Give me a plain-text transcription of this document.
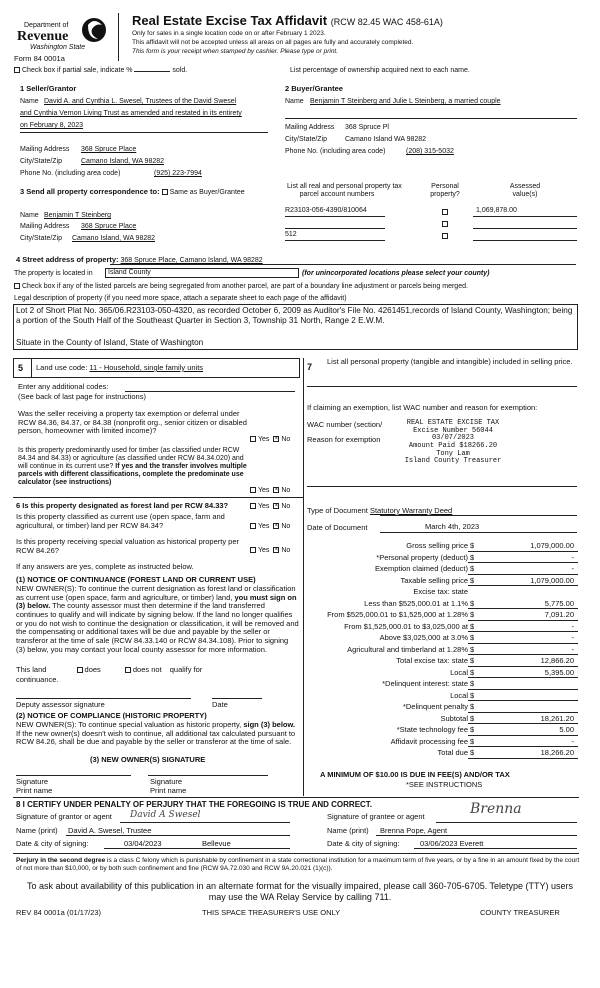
Department of
Revenue
Washington State
Form 84 0001a
Real Estate Excise Tax Affidavit (RCW 82.45 WAC 458-61A)
Only for sales in a single location code on or after February 1 2023.
This affidavit will not be accepted unless all areas on all pages are fully and accurately completed.
This form is your receipt when stamped by cashier. Please type or print.
Check box if partial sale, indicate %	sold.	List percentage of ownership acquired next to each name.
1 Seller/Grantor
Name David A. and Cynthia L. Swesel, Trustees of the David Swesel
and Cynthia Vernon Living Trust as amended and restated in its entirety
on February 8, 2023
Mailing Address 368 Spruce Place
City/State/Zip	Camano Island, WA 98282
Phone No. (including area code)	(925) 223-7994
2 Buyer/Grantee
Name Benjamin T Steinberg and Julie L Steinberg, a married couple
Mailing Address 368 Spruce Pl
City/State/Zip	Camano Island WA 98282
Phone No. (including area code)	(208) 315-5032
3 Send all property correspondence to: Same as Buyer/Grantee
Name Benjamin T Steinberg
Mailing Address 368 Spruce Place
City/State/Zip Camano Island, WA 98282
List all real and personal property tax
parcel account numbers
Personal
property?
Assessed
value(s)
R23103-056-4390/810064	1,069,878.00
512
4 Street address of property: 368 Spruce Place, Camano Island, WA 98282
The property is located in Island County	(for unincorporated locations please select your county)
Check box if any of the listed parcels are being segregated from another parcel, are part of a boundary line adjustment or parcels being merged.
Legal description of property (if you need more space, attach a separate sheet to each page of the affidavit)
Lot 2 of Short Plat No. 365/06.R23103-050-4320, as recorded October 6, 2009 as Auditor's File No. 4261451,records of Island County, Washington; being a portion of the South Half of the Southeast Quarter in Section 3, Township 31 North, Range 2 E.W.M.
Situate in the County of Island, State of Washington
5 Land use code: 11 - Household, single family units
Enter any additional codes:
(See back of last page for instructions)
Was the seller receiving a property tax exemption or deferral under RCW 84.36, 84.37, or 84.38 (nonprofit org., senior citizen or disabled person, homeowner with limited income)?
Yes × No
Is this property predominantly used for timber (as classified under RCW 84.34 and 84.33) or agriculture (as classified under RCW 84.34.020) and will continue in its current use? If yes and the transfer involves multiple parcels with different classifications, complete the predominate use calculator (see instructions)
Yes × No
6 Is this property designated as forest land per RCW 84.33?	Yes × No
Is this property classified as current use (open space, farm and agricultural, or timber) land per RCW 84.34?	Yes × No
Is this property receiving special valuation as historical property per RCW 84.26?	Yes × No
If any answers are yes, complete as instructed below.
(1) NOTICE OF CONTINUANCE (FOREST LAND OR CURRENT USE)
NEW OWNER(S): To continue the current designation as forest land or classification as current use (open space, farm and agriculture, or timber) land, you must sign on (3) below. The county assessor must then determine if the land transferred continues to qualify and will indicate by signing below. If the land no longer qualifies or you do not wish to continue the designation or classification, it will be removed and the compensating or additional taxes will be due and payable by the seller or transferor at the time of sale (RCW 84.33.140 or RCW 84.34.108). Prior to signing (3) below, you may contact your local county assessor for more information.
This land	does	does not qualify for
continuance.
Deputy assessor signature	Date
(2) NOTICE OF COMPLIANCE (HISTORIC PROPERTY)
NEW OWNER(S): To continue special valuation as historic property, sign (3) below. If the new owner(s) doesn't wish to continue, all additional tax calculated pursuant to RCW 84.26, shall be due and payable by the seller or transferor at the time of sale.
(3) NEW OWNER(S) SIGNATURE
Signature
Print name
Signature
Print name
7
List all personal property (tangible and intangible) included in selling price.
If claiming an exemption, list WAC number and reason for exemption:
WAC number (section/
Reason for exemption
REAL ESTATE EXCISE TAX
Excise Number 56044
03/07/2023
Amount Paid $18266.20
Tony Lam
Island County Treasurer
Type of Document Statutory Warranty Deed
Date of Document	March 4th, 2023
Gross selling price $	1,079,000.00
*Personal property (deduct) $	-
Exemption claimed (deduct) $	-
Taxable selling price $	1,079,000.00
Excise tax: state
Less than $525,000.01 at 1.1% $	5,775.00
From $525,000.01 to $1,525,000 at 1.28% $	7,091.20
From $1,525,000.01 to $3,025,000 at $	-
Above $3,025,000 at 3.0% $	-
Agricultural and timberland at 1.28% $	-
Total excise tax: state $	12,866.20
Local $	5,395.00
*Delinquent interest: state $
Local $
*Delinquent penalty $
Subtotal $	18,261.20
*State technology fee $	5.00
Affidavit processing fee $	-
Total due $	18,266.20
A MINIMUM OF $10.00 IS DUE IN FEE(S) AND/OR TAX
*SEE INSTRUCTIONS
8 I CERTIFY UNDER PENALTY OF PERJURY THAT THE FOREGOING IS TRUE AND CORRECT.
Signature of grantor or agent David A Swesel
Name (print) David A. Swesel, Trustee
Date & city of signing:	03/04/2023	Bellevue
Signature of grantee or agent	Brenna
Name (print) Brenna Pope, Agent
Date & city of signing:	03/06/2023 Everett
Perjury in the second degree is a class C felony which is punishable by confinement in a state correctional institution for a maximum term of five years, or by a fine in an amount fixed by the court of not more than $10,000, or by both such confinement and fine (RCW 9A.72.030 and RCW 9A.20.021 (1)(c)).
To ask about availability of this publication in an alternate format for the visually impaired, please call 360-705-6705. Teletype (TTY) users may use the WA Relay Service by calling 711.
REV 84 0001a (01/17/23)	THIS SPACE TREASURER'S USE ONLY	COUNTY TREASURER
